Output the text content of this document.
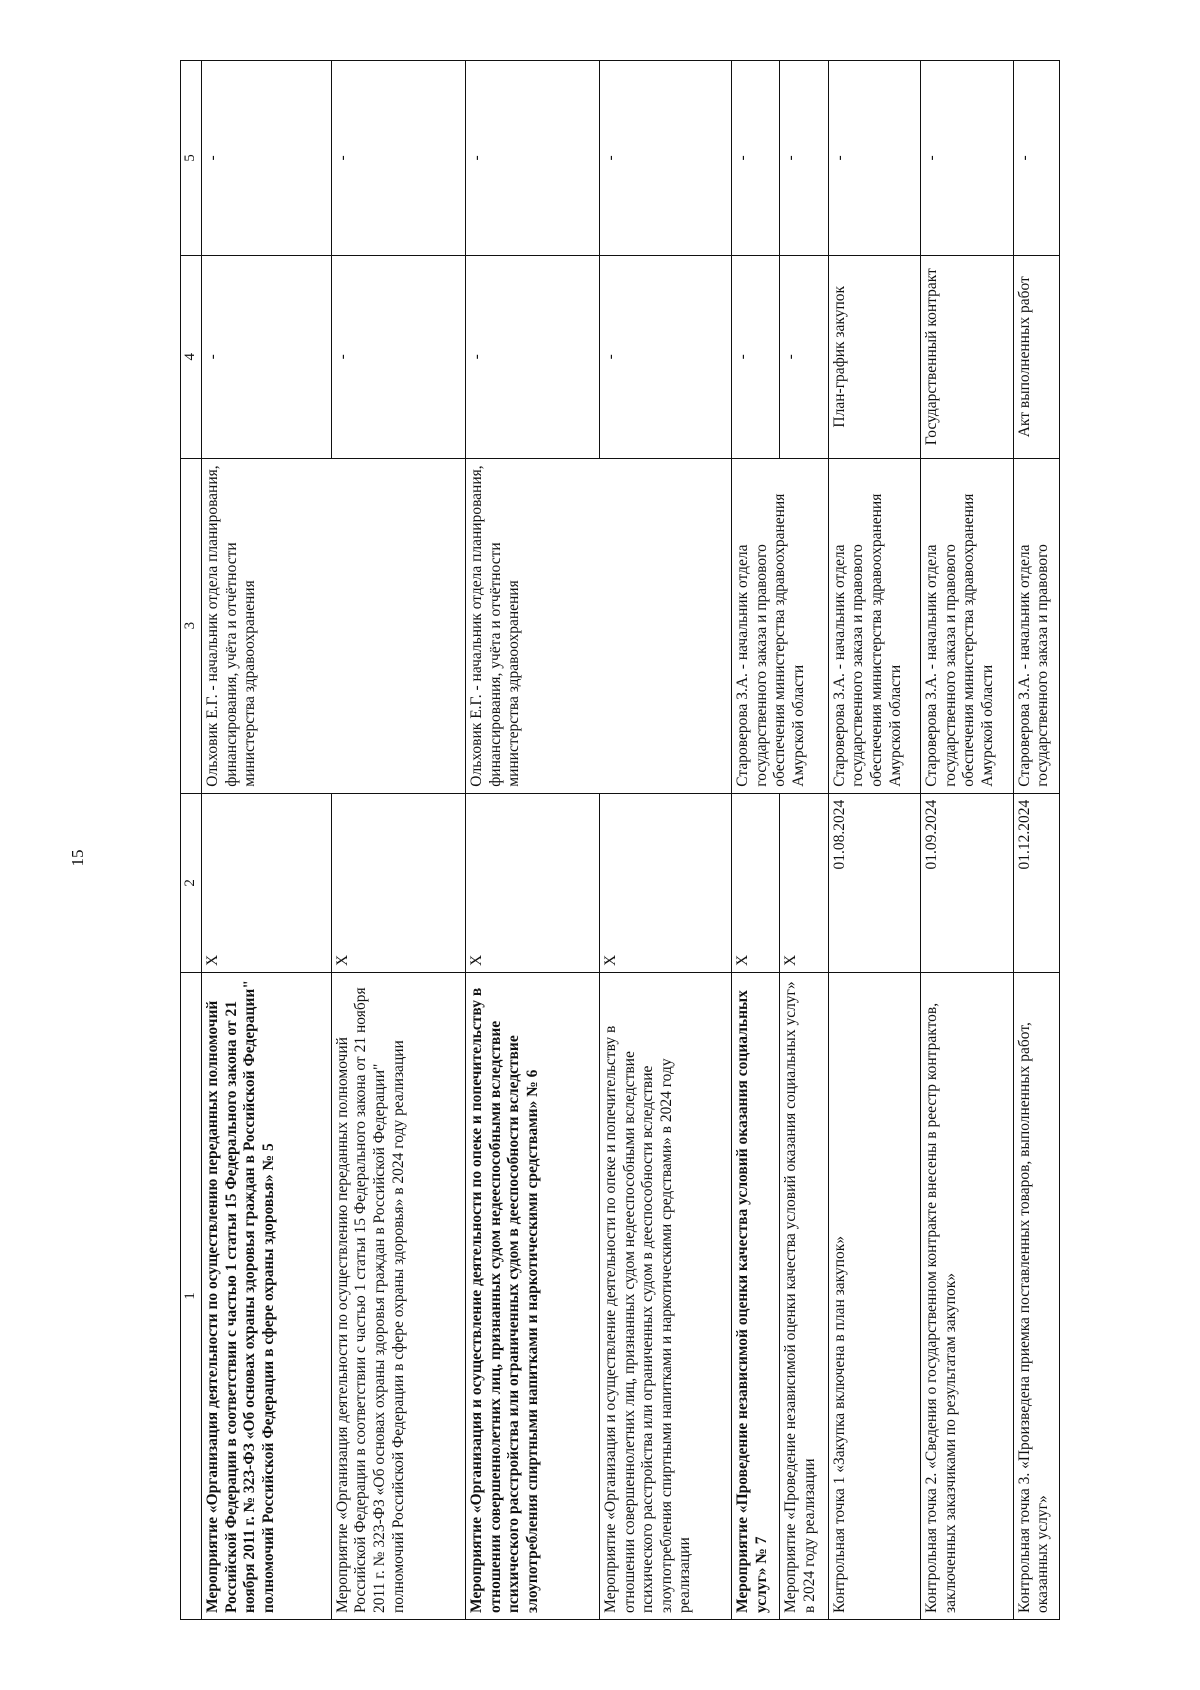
15
1	2	3	4	5
Мероприятие «Организация деятельности по осуществлению переданных полномочий Российской Федерации в соответствии с частью 1 статьи 15 Федерального закона от 21 ноября 2011 г. № 323-ФЗ «Об основах охраны здоровья граждан в Российской Федерации" полномочий Российской Федерации в сфере охраны здоровья» № 5	X	Ольховик Е.Г. - начальник отдела планирования, финансирования, учёта и отчётности министерства здравоохранения	-	-
Мероприятие «Организация деятельности по осуществлению переданных полномочий Российской Федерации в соответствии с частью 1 статьи 15 Федерального закона от 21 ноября 2011 г. № 323-ФЗ «Об основах охраны здоровья граждан в Российской Федерации" полномочий Российской Федерации в сфере охраны здоровья» в 2024 году реализации	X		-	-
Мероприятие «Организация и осуществление деятельности по опеке и попечительству в отношении совершеннолетних лиц, признанных судом недееспособными вследствие психического расстройства или ограниченных судом в дееспособности вследствие злоупотребления спиртными напитками и наркотическими средствами» № 6	X	Ольховик Е.Г. - начальник отдела планирования, финансирования, учёта и отчётности министерства здравоохранения	-	-
Мероприятие «Организация и осуществление деятельности по опеке и попечительству в отношении совершеннолетних лиц, признанных судом недееспособными вследствие психического расстройства или ограниченных судом в дееспособности вследствие злоупотребления спиртными напитками и наркотическими средствами» в 2024 году реализации	X		-	-
Мероприятие «Проведение независимой оценки качества условий оказания социальных услуг» № 7	X	Староверова З.А. - начальник отдела государственного заказа и правового обеспечения министерства здравоохранения Амурской области	-	-
Мероприятие «Проведение независимой оценки качества условий оказания социальных услуг» в 2024 году реализации	X		-	-
Контрольная точка 1 «Закупка включена в план закупок»	01.08.2024	Староверова З.А. - начальник отдела государственного заказа и правового обеспечения министерства здравоохранения Амурской области	План-график закупок	-
Контрольная точка 2. «Сведения о государственном контракте внесены в реестр контрактов, заключенных заказчиками по результатам закупок»	01.09.2024	Староверова З.А. - начальник отдела государственного заказа и правового обеспечения министерства здравоохранения Амурской области	Государственный контракт	-
Контрольная точка 3. «Произведена приемка поставленных товаров, выполненных работ, оказанных услуг»	01.12.2024	Староверова З.А. - начальник отдела государственного заказа и правового	Акт выполненных работ	-
